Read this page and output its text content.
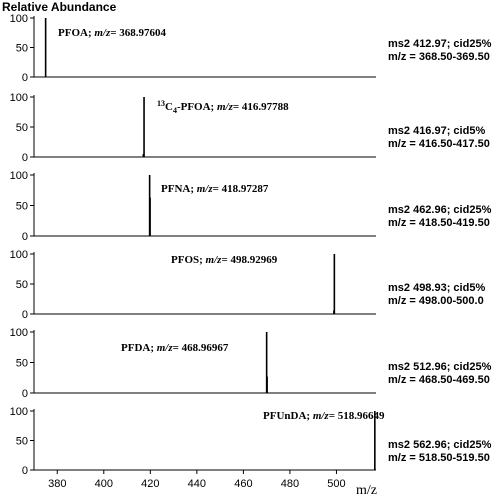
Relative Abundance
0
50
100
PFOA; m/z= 368.97604
ms2 412.97; cid25%
m/z = 368.50-369.50
0
50
100	$^{13}C_4$-PFOA; m/z= 416.97788
ms2 416.97; cid5%
m/z = 416.50-417.50
0
50
100
PFNA; m/z= 418.97287
ms2 462.96; cid25%
m/z = 418.50-419.50
0
50
100	PFOS; m/z= 498.92969
ms2 498.93; cid5%
m/z = 498.00-500.0
0
50
100
PFDA; m/z= 468.96967
ms2 512.96; cid25%
m/z = 468.50-469.50
0
50
100	PFUnDA; m/z= 518.96649
ms2 562.96; cid25%
m/z = 518.50-519.50
380	400	420	440	460	480	500 m/z
